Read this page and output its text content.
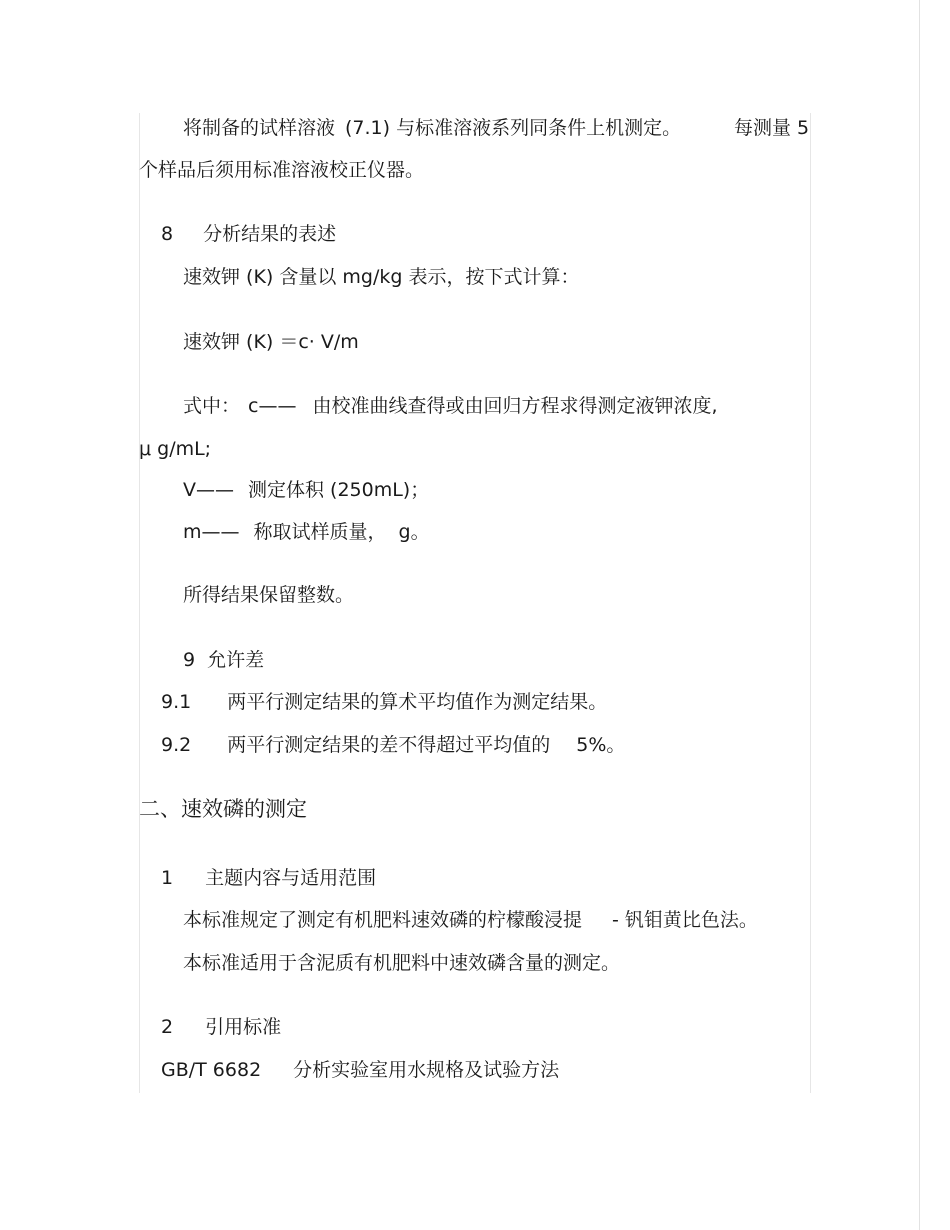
将制备的试样溶液 (7.1) 与标准溶液系列同条件上机测定。	每测量 5
个样品后须用标准溶液校正仪器。
8 分析结果的表述
速效钾 (K) 含量以 mg/kg 表示，按下式计算：
速效钾 (K) ＝c· V/m
式中： c—— 由校准曲线查得或由回归方程求得测定液钾浓度,
μ g/mL;
V—— 测定体积 (250mL)；
m—— 称取试样质量， g。
所得结果保留整数。
9 允许差
9.1 两平行测定结果的算术平均值作为测定结果。
9.2 两平行测定结果的差不得超过平均值的 5%。
二、速效磷的测定
1 主题内容与适用范围
本标准规定了测定有机肥料速效磷的柠檬酸浸提 - 钒钼黄比色法。
本标准适用于含泥质有机肥料中速效磷含量的测定。
2 引用标准
GB/T 6682 分析实验室用水规格及试验方法
